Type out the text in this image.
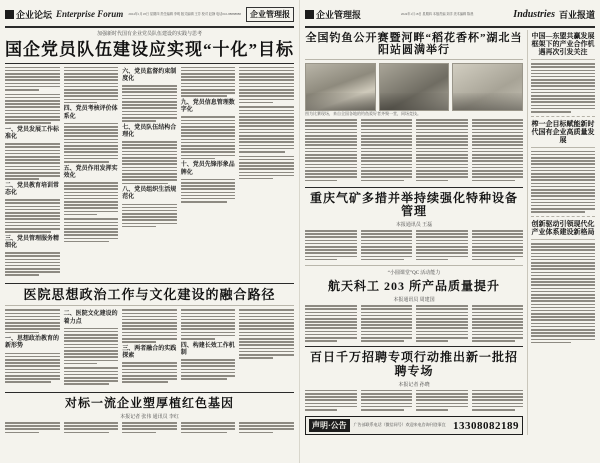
企业论坛 Enterprise Forum	2024年1月18日 星期四 责任编辑 李明 版式编辑 王芳 校对 赵静 电话010-88888888	企业管理报
加强新时代国有企业党员队伍建设的实践与思考
国企党员队伍建设应实现“十化”目标
一、党员发展工作标准化
二、党员教育培训常态化
三、党员管理服务精细化
四、党员考核评价体系化
五、党员作用发挥实效化
六、党员监督约束制度化
七、党员队伍结构合理化
八、党员组织生活规范化
九、党员信息管理数字化
十、党员先锋形象品牌化
医院思想政治工作与文化建设的融合路径
一、思想政治教育的新形势
二、医院文化建设的着力点
三、两者融合的实践探索
四、构建长效工作机制
对标一流企业塑厚植红色基因
本报记者 张伟 通讯员 李红
企业管理报	2024年1月18日 星期四 本版责编 刘洋 美术编辑 陈晨	Industries 百业报道
全国钓鱼公开赛暨河畔“稻花香杯”湖北当阳站圆满举行
图为比赛现场，来自全国各地的钓鱼爱好者齐聚一堂，同场竞技。
重庆气矿多措并举持续强化特种设备管理
本报通讯员 王磊
“小圆课堂”QC 活动能力
航天科工 203 所产品质量提升
本报通讯员 周建国
百日千万招聘专项行动推出新一批招聘专场
本报记者 孙晓
声明·公告	广告部联系电话（微信同号）欢迎来电咨询刊登事宜 13308082189
中国—东盟共赢发展框架下的产业合作机遇再次引发关注
榨一企目标赋能新时代国有企业高质量发展
创新驱动引领现代化产业体系建设新格局
